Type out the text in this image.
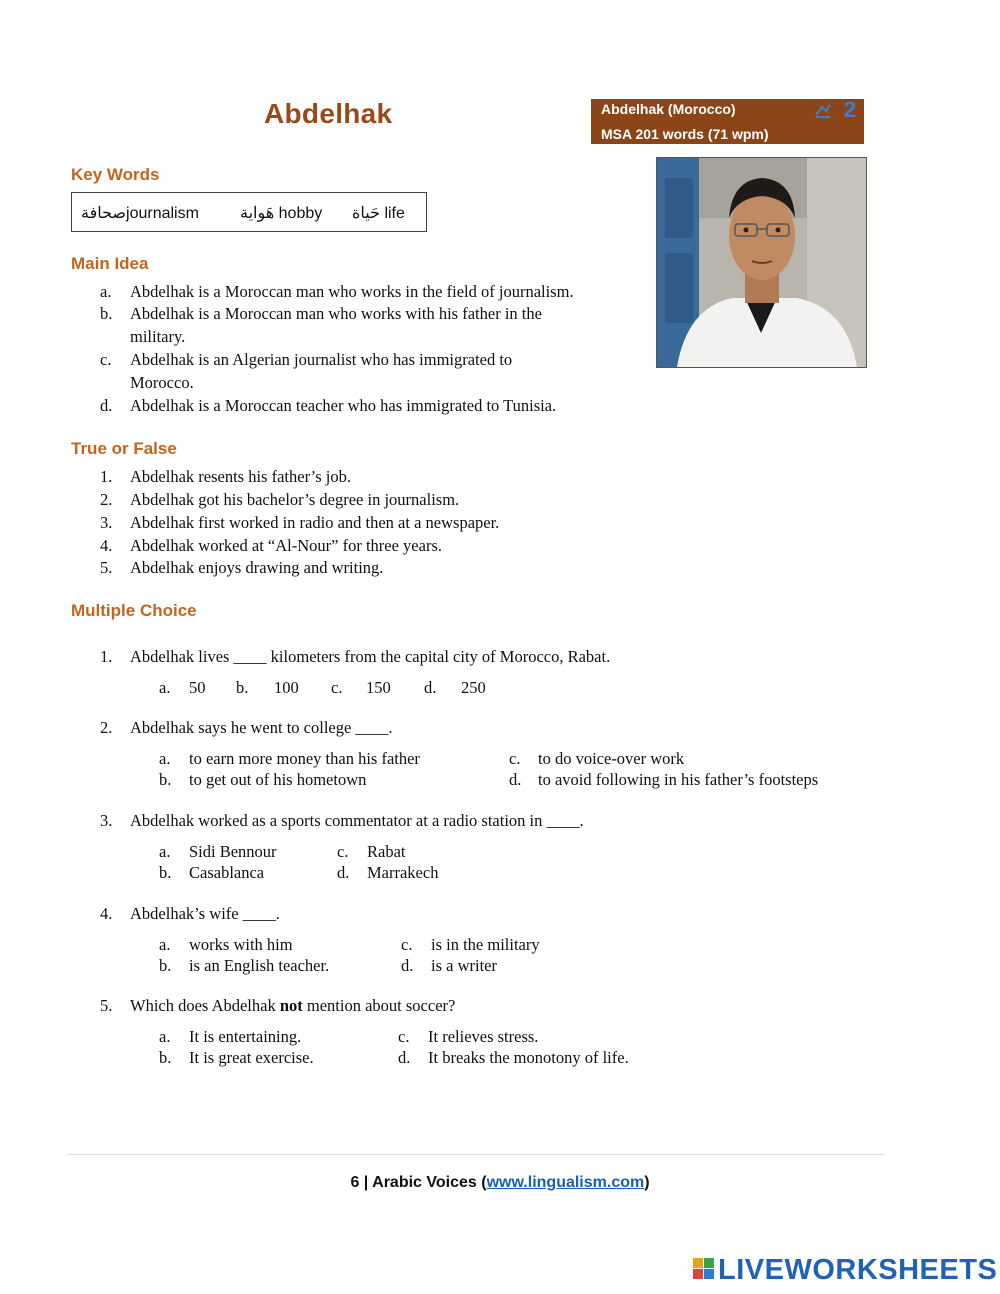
Abdelhak	Abdelhak (Morocco)
MSA 201 words (71 wpm)
2
Key Words
صحافةjournalism	هَواية hobby حَياة life
Main Idea
a. Abdelhak is a Moroccan man who works in the field of journalism.
b. Abdelhak is a Moroccan man who works with his father in the
military.
c. Abdelhak is an Algerian journalist who has immigrated to
Morocco.
d. Abdelhak is a Moroccan teacher who has immigrated to Tunisia.
True or False
1. Abdelhak resents his father’s job.
2. Abdelhak got his bachelor’s degree in journalism.
3. Abdelhak first worked in radio and then at a newspaper.
4. Abdelhak worked at “Al-Nour” for three years.
5. Abdelhak enjoys drawing and writing.
Multiple Choice
1. Abdelhak lives ____ kilometers from the capital city of Morocco, Rabat.
a. 50 b. 100 c. 150 d. 250
2. Abdelhak says he went to college ____.
a. to earn more money than his father
b. to get out of his hometown
c. to do voice-over work
d. to avoid following in his father’s footsteps
3. Abdelhak worked as a sports commentator at a radio station in ____.
a. Sidi Bennour
b. Casablanca
c. Rabat
d. Marrakech
4. Abdelhak’s wife ____.
a. works with him
b. is an English teacher.
c. is in the military
d. is a writer
5. Which does Abdelhak not mention about soccer?
a. It is entertaining.
b. It is great exercise.
c. It relieves stress.
d. It breaks the monotony of life.
6 | Arabic Voices (www.lingualism.com)
LIVEWORKSHEETS
